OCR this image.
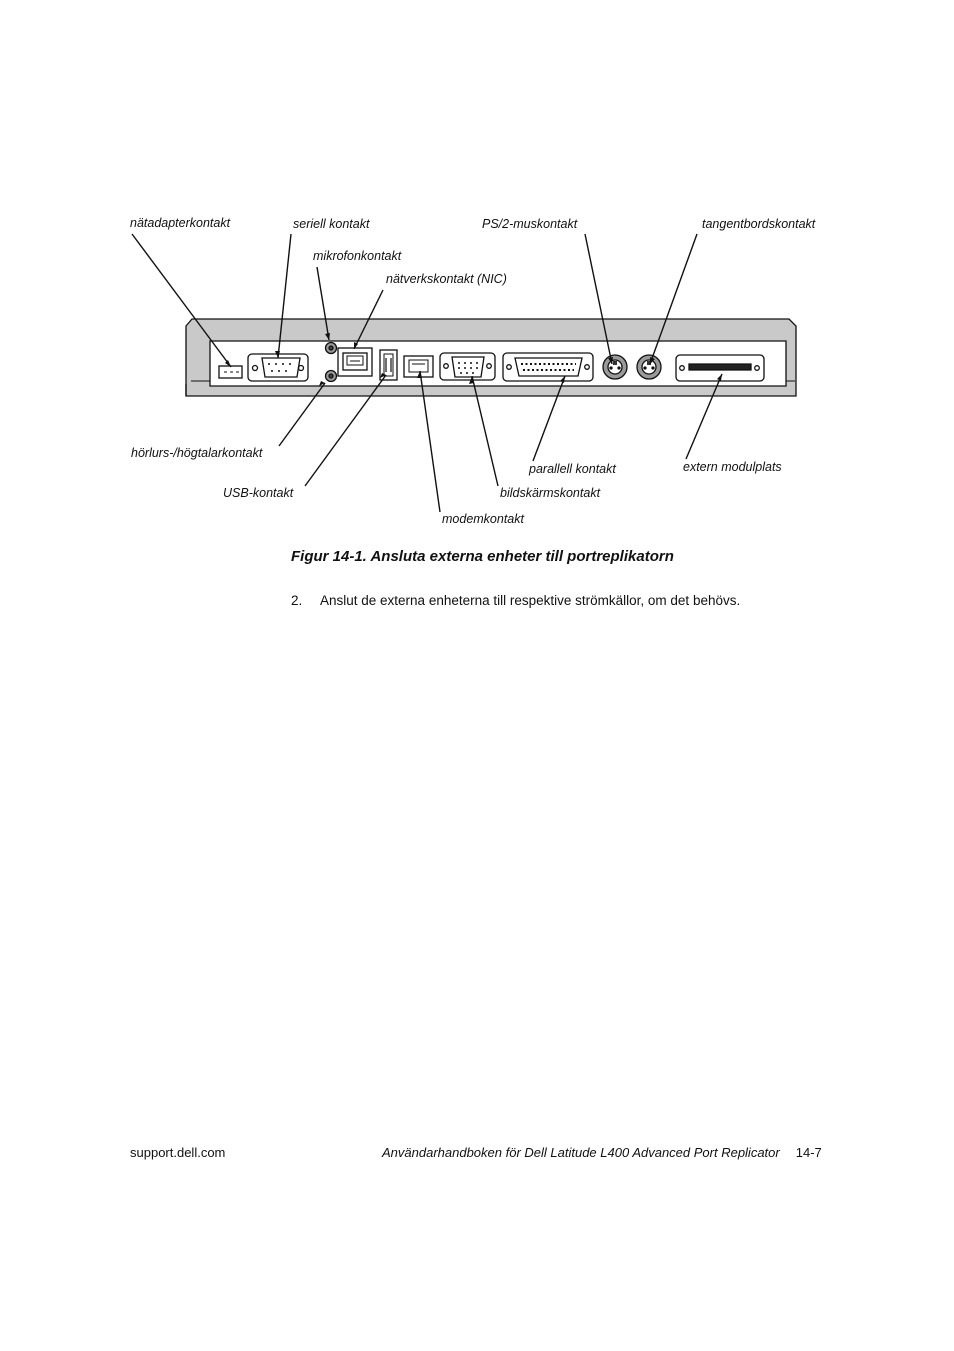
nätadapterkontakt	seriell kontakt	PS/2-muskontakt	tangentbordskontakt
mikrofonkontakt
nätverkskontakt (NIC)
hörlurs-/högtalarkontakt
USB-kontakt
parallell kontakt	extern modulplats
bildskärmskontakt
modemkontakt
Figur 14-1. Ansluta externa enheter till portreplikatorn
2. Anslut de externa enheterna till respektive strömkällor, om det behövs.
support.dell.com	Användarhandboken för Dell Latitude L400 Advanced Port Replicator 14-7
